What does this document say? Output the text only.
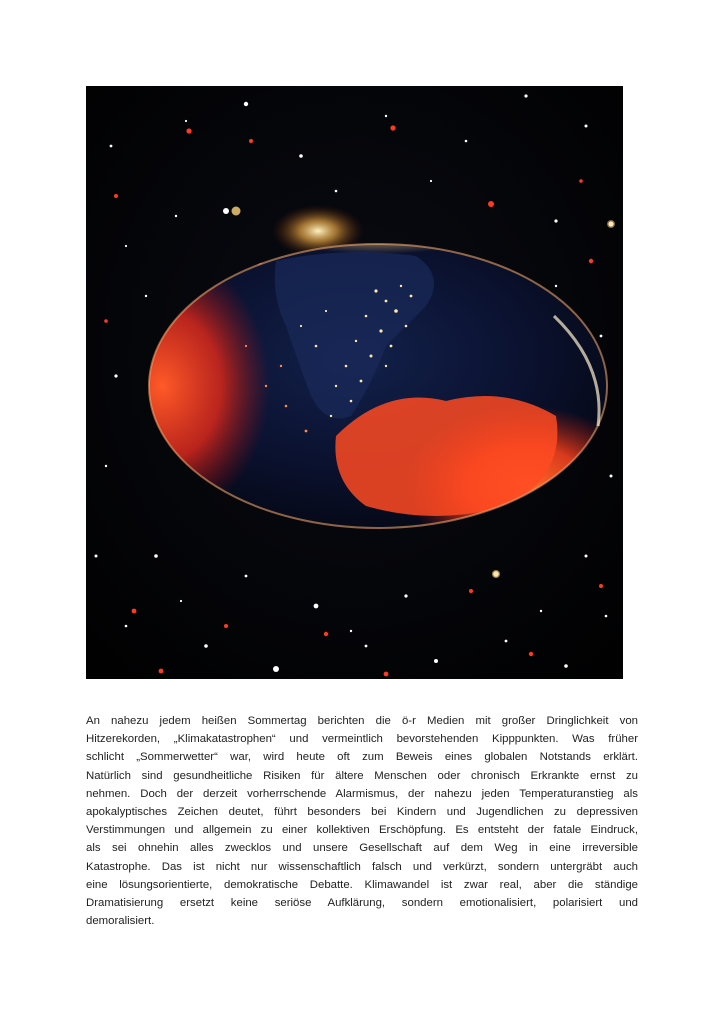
An nahezu jedem heißen Sommertag berichten die ö-r Medien mit großer Dringlichkeit von
Hitzerekorden, „Klimakatastrophen“ und vermeintlich bevorstehenden Kipppunkten. Was früher
schlicht „Sommerwetter“ war, wird heute oft zum Beweis eines globalen Notstands erklärt.
Natürlich sind gesundheitliche Risiken für ältere Menschen oder chronisch Erkrankte ernst zu
nehmen. Doch der derzeit vorherrschende Alarmismus, der nahezu jeden Temperaturanstieg als
apokalyptisches Zeichen deutet, führt besonders bei Kindern und Jugendlichen zu depressiven
Verstimmungen und allgemein zu einer kollektiven Erschöpfung. Es entsteht der fatale Eindruck,
als sei ohnehin alles zwecklos und unsere Gesellschaft auf dem Weg in eine irreversible
Katastrophe. Das ist nicht nur wissenschaftlich falsch und verkürzt, sondern untergräbt auch
eine lösungsorientierte, demokratische Debatte. Klimawandel ist zwar real, aber die ständige
Dramatisierung ersetzt keine seriöse Aufklärung, sondern emotionalisiert, polarisiert und
demoralisiert.
